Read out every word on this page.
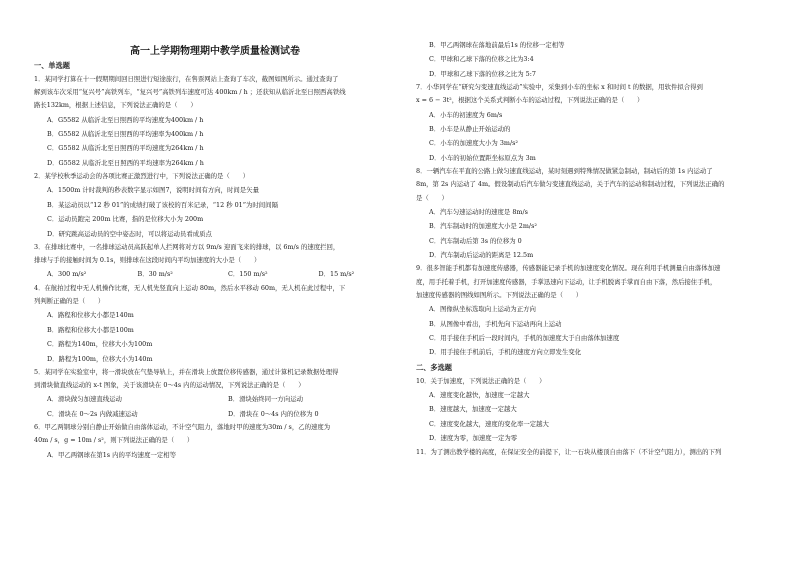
高一上学期物理期中教学质量检测试卷
一、单选题
1．某同学打算在十一假期期间回日照进行短途旅行，在售票网站上查询了车次，截图如图所示。通过查询了
解到该车次采用“复兴号”高铁列车，“复兴号”高铁列车速度可达 400km / h ；还获知从临沂北至日照西高铁线
路长132km，根据上述信息，下列说法正确的是（　　）
A．G5582 从临沂北至日照西的平均速度为400km / h
B．G5582 从临沂北至日照西的平均速率为400km / h
C．G5582 从临沂北至日照西的平均速度为264km / h
D．G5582 从临沂北至日照西的平均速率为264km / h
2．某学校秋季运动会的各项比赛正激烈进行中，下列说法正确的是（　　）
A．1500m 计时裁判的秒表数字显示如图7，说明时间有方向，时间是矢量
B．某运动员以“12 秒 01”的成绩打破了该校的百米记录，“12 秒 01”为时间间隔
C．运动员跑完 200m 比赛，指的是位移大小为 200m
D．研究跳高运动员的空中姿态时，可以将运动员看成质点
3．在排球比赛中，一名排球运动员高跃起单人拦网将对方以 9m/s 迎面飞来的排球，以 6m/s 的速度拦回，
排球与手的接触时间为 0.1s，则排球在这段时间内平均加速度的大小是（　　）
A．300 m/s²	B．30 m/s²	C．150 m/s²	D．15 m/s²
4．在航拍过程中无人机操作比赛，无人机先竖直向上运动 80m，然后水平移动 60m，无人机在此过程中，下
列判断正确的是（　　）
A．路程和位移大小都是140m
B．路程和位移大小都是100m
C．路程为140m，位移大小为100m
D．路程为100m，位移大小为140m
5．某同学在实验室中，将一滑块放在气垫导轨上，并在滑块上放置位移传感器，通过计算机记录数据处理得
到滑块做直线运动的 x-t 图象，关于该滑块在 0～4s 内的运动情况，下列说法正确的是（　　）
A．滑块做匀加速直线运动	B．滑块始终同一方向运动
C．滑块在 0～2s 内做减速运动	D．滑块在 0～4s 内的位移为 0
6．甲乙两钢球分别自静止开始做自由落体运动，不计空气阻力，落地时甲的速度为30m / s，乙的速度为
40m / s，g = 10m / s²，则下列说法正确的是（　　）
A．甲乙两钢球在第1s 内的平均速度一定相等
B．甲乙两钢球在落地前最后1s 的位移一定相等
C．甲球和乙球下落的位移之比为3:4
D．甲球和乙球下落的位移之比为 5:7
7．小华同学在“研究匀变速直线运动”实验中，采集到小车的坐标 x 和时间 t 的数据，用软件拟合得到
x = 6 − 3t²，根据这个关系式判断小车的运动过程，下列说法正确的是（　　）
A．小车的初速度为 6m/s
B．小车是从静止开始运动的
C．小车的加速度大小为 3m/s²
D．小车的初始位置距坐标原点为 3m
8．一辆汽车在平直的公路上做匀速直线运动，某时刻遇到特殊情况做紧急制动，制动后的第 1s 内运动了
8m，第 2s 内运动了 4m。假设制动后汽车做匀变速直线运动，关于汽车的运动和制动过程，下列说法正确的
是（　　）
A．汽车匀速运动时的速度是 8m/s
B．汽车制动时的加速度大小是 2m/s²
C．汽车制动后第 3s 的位移为 0
D．汽车制动后运动的距离是 12.5m
9．很多智能手机都有加速度传感器，传感器能记录手机的加速度变化情况。现在利用手机测量自由落体加速
度，用手托着手机，打开加速度传感器，手掌迅速向下运动，让手机脱离手掌而自由下落，然后接住手机，
加速度传感器的图线如图所示。下列说法正确的是（　　）
A．图像纵坐标选取向上运动为正方向
B．从图像中看出，手机先向下运动再向上运动
C．用手接住手机后一段时间内，手机的加速度大于自由落体加速度
D．用手接住手机前后，手机的速度方向立即发生变化
二、多选题
10．关于加速度，下列说法正确的是（　　）
A．速度变化越快，加速度一定越大
B．速度越大，加速度一定越大
C．速度变化越大，速度的变化率一定越大
D．速度为零，加速度一定为零
11．为了测出教学楼的高度，在保证安全的前提下，让一石块从楼顶自由落下（不计空气阻力），测出的下列
